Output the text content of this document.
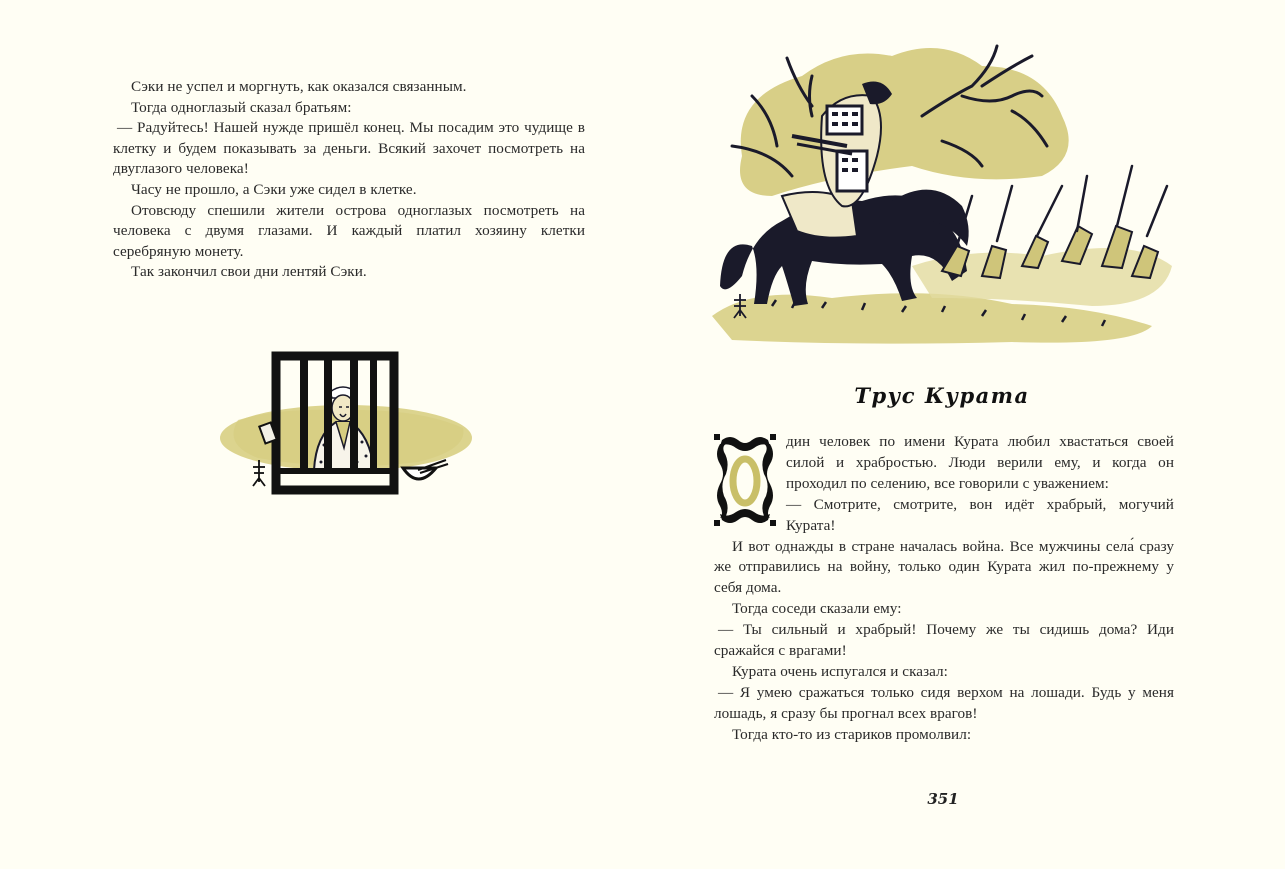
Сэки не успел и моргнуть, как оказался связанным.

Тогда одноглазый сказал братьям:

— Радуйтесь! Нашей нужде пришёл конец. Мы посадим это чудище в клетку и будем показывать за деньги. Всякий захочет посмотреть на двуглазого человека!

Часу не прошло, а Сэки уже сидел в клетке.

Отовсюду спешили жители острова одноглазых посмотреть на человека с двумя глазами. И каждый платил хозяину клетки серебряную монету.

Так закончил свои дни лентяй Сэки.

Трус Курата

дин человек по имени Курата любил хвастаться своей силой и храбростью. Люди верили ему, и когда он проходил по селению, все говорили с уважением:

— Смотрите, смотрите, вон идёт храбрый, могучий Курата!

И вот однажды в стране началась война. Все мужчины села́ сразу же отправились на войну, только один Курата жил по-прежнему у себя дома.

Тогда соседи сказали ему:

— Ты сильный и храбрый! Почему же ты сидишь дома? Иди сражайся с врагами!

Курата очень испугался и сказал:

— Я умею сражаться только сидя верхом на лошади. Будь у меня лошадь, я сразу бы прогнал всех врагов!

Тогда кто-то из стариков промолвил:

351
